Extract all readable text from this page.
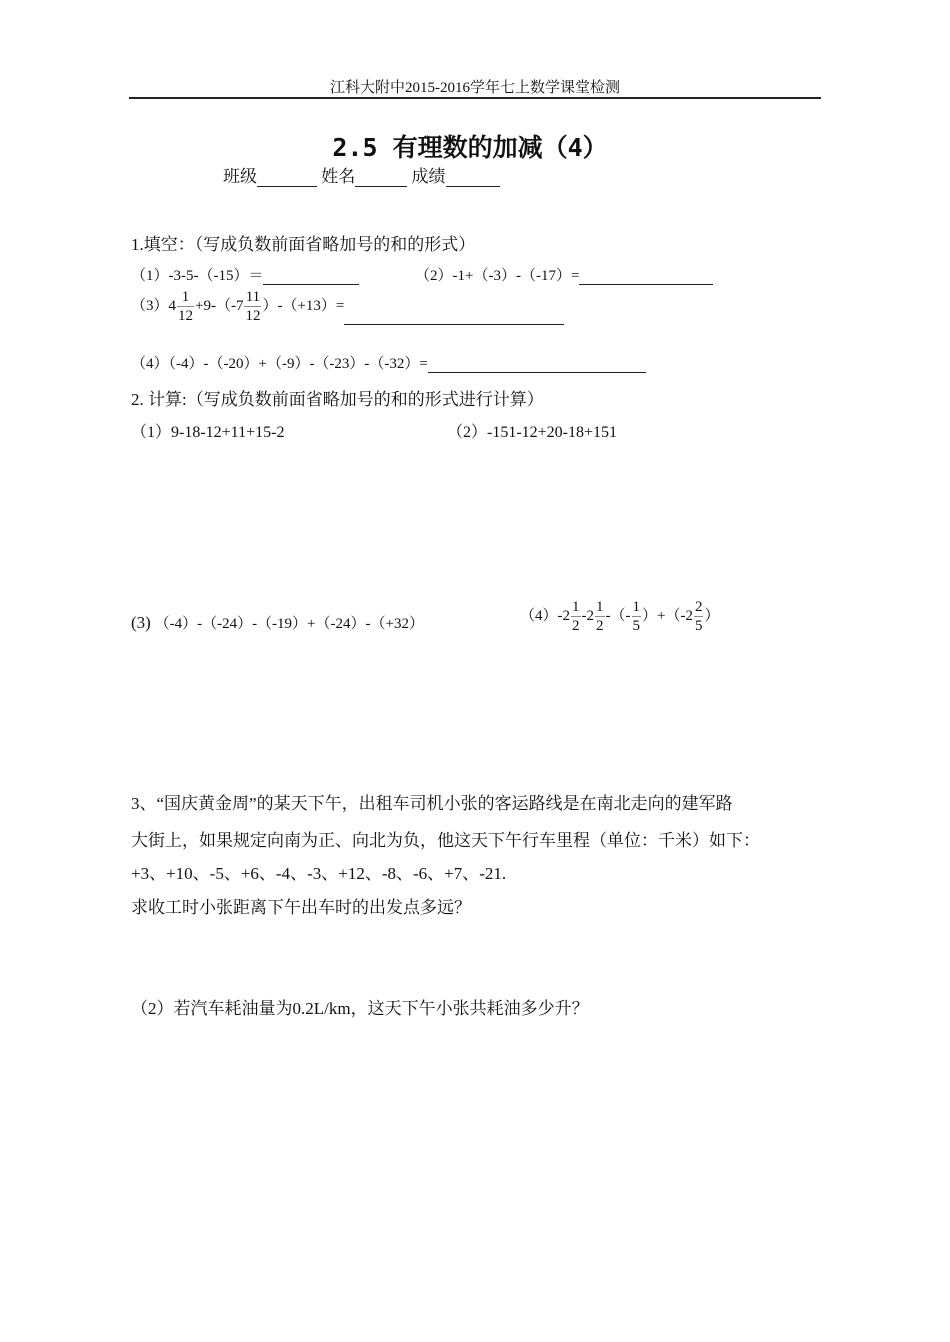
江科大附中2015-2016学年七上数学课堂检测
2.5 有理数的加减（4）
班级	姓名	成绩
1.填空：（写成负数前面省略加号的和的形式）
（1）-3-5-（-15）＝	（2）-1+（-3）-（-17）=
$(3)4 \frac{1}{12} +9-(-7 \frac{11}{12} )-(+13)=$
（4）（-4）-（-20）+（-9）-（-23）-（-32）=
2. 计算:（写成负数前面省略加号的和的形式进行计算）
（1）9-18-12+11+15-2	（2）-151-12+20-18+151
(3) （-4）-（-24）-（-19）+（-24）-（+32）
$(4)-2 \frac{1}{2} -2 \frac{1}{2}$ -（- $\frac{1}{5} )+(-2 \frac{2}{5}$ ）
3、“国庆黄金周”的某天下午，出租车司机小张的客运路线是在南北走向的建军路
大街上，如果规定向南为正、向北为负，他这天下午行车里程（单位：千米）如下：
+3、+10、-5、+6、-4、-3、+12、-8、-6、+7、-21.
求收工时小张距离下午出车时的出发点多远？
（2）若汽车耗油量为0.2L/km，这天下午小张共耗油多少升？
